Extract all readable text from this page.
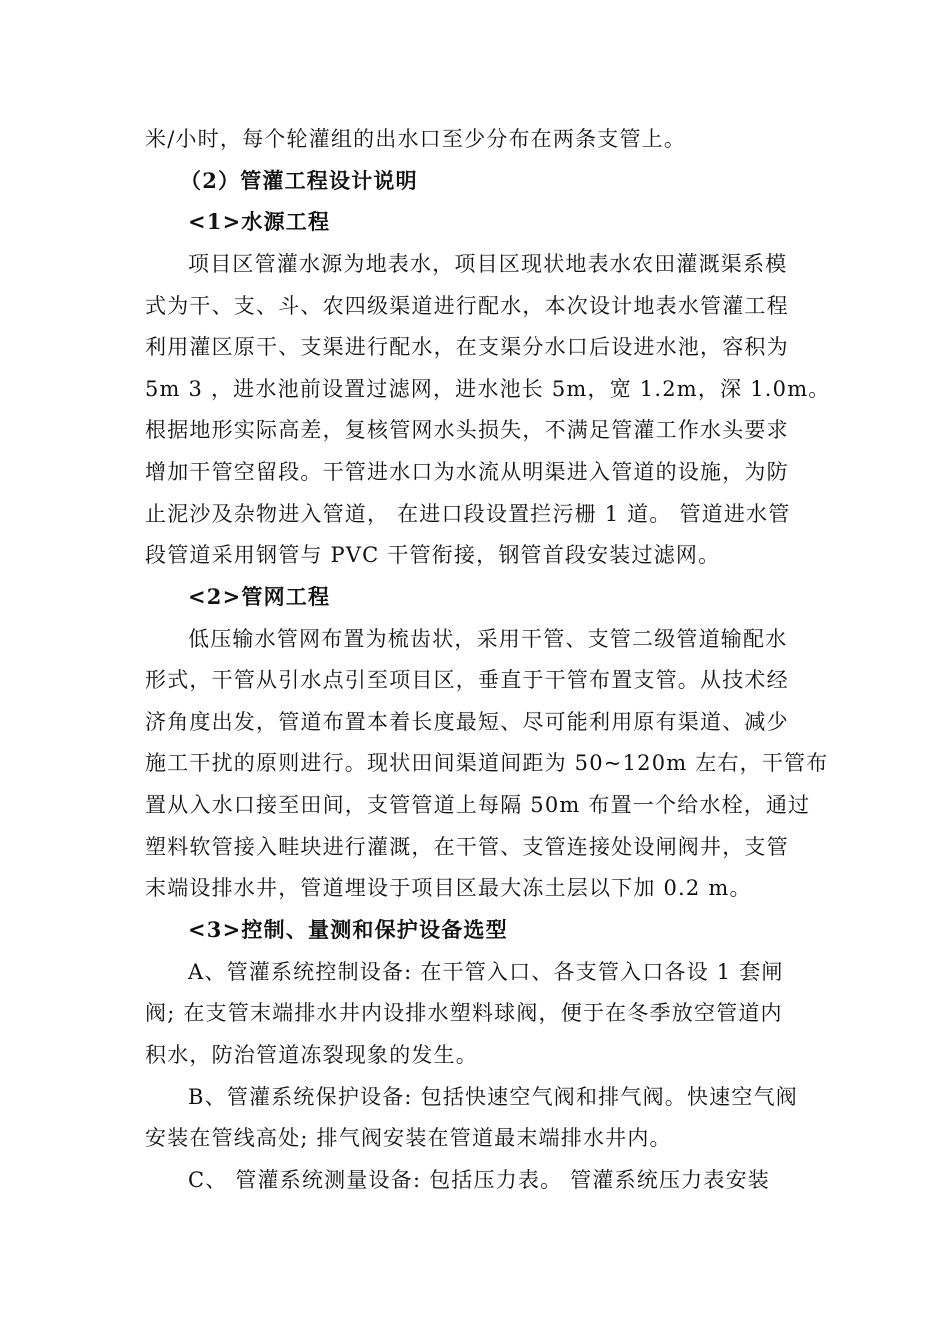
米/小时，每个轮灌组的出水口至少分布在两条支管上。
（2）管灌工程设计说明
<1>水源工程
项目区管灌水源为地表水，项目区现状地表水农田灌溉渠系模
式为干、支、斗、农四级渠道进行配水，本次设计地表水管灌工程
利用灌区原干、支渠进行配水，在支渠分水口后设进水池，容积为
5m 3 ，进水池前设置过滤网，进水池长 5m，宽 1.2m，深 1.0m。
根据地形实际高差，复核管网水头损失，不满足管灌工作水头要求
增加干管空留段。干管进水口为水流从明渠进入管道的设施，为防
止泥沙及杂物进入管道， 在进口段设置拦污栅 1 道。 管道进水管
段管道采用钢管与 PVC 干管衔接，钢管首段安装过滤网。
<2>管网工程
低压输水管网布置为梳齿状，采用干管、支管二级管道输配水
形式，干管从引水点引至项目区，垂直于干管布置支管。从技术经
济角度出发，管道布置本着长度最短、尽可能利用原有渠道、减少
施工干扰的原则进行。现状田间渠道间距为 50~120m 左右，干管布
置从入水口接至田间，支管管道上每隔 50m 布置一个给水栓，通过
塑料软管接入畦块进行灌溉，在干管、支管连接处设闸阀井，支管
末端设排水井，管道埋设于项目区最大冻土层以下加 0.2 m。
<3>控制、量测和保护设备选型
A、管灌系统控制设备: 在干管入口、各支管入口各设 1 套闸
阀; 在支管末端排水井内设排水塑料球阀，便于在冬季放空管道内
积水，防治管道冻裂现象的发生。
B、管灌系统保护设备: 包括快速空气阀和排气阀。快速空气阀
安装在管线高处; 排气阀安装在管道最末端排水井内。
C、 管灌系统测量设备: 包括压力表。 管灌系统压力表安装
